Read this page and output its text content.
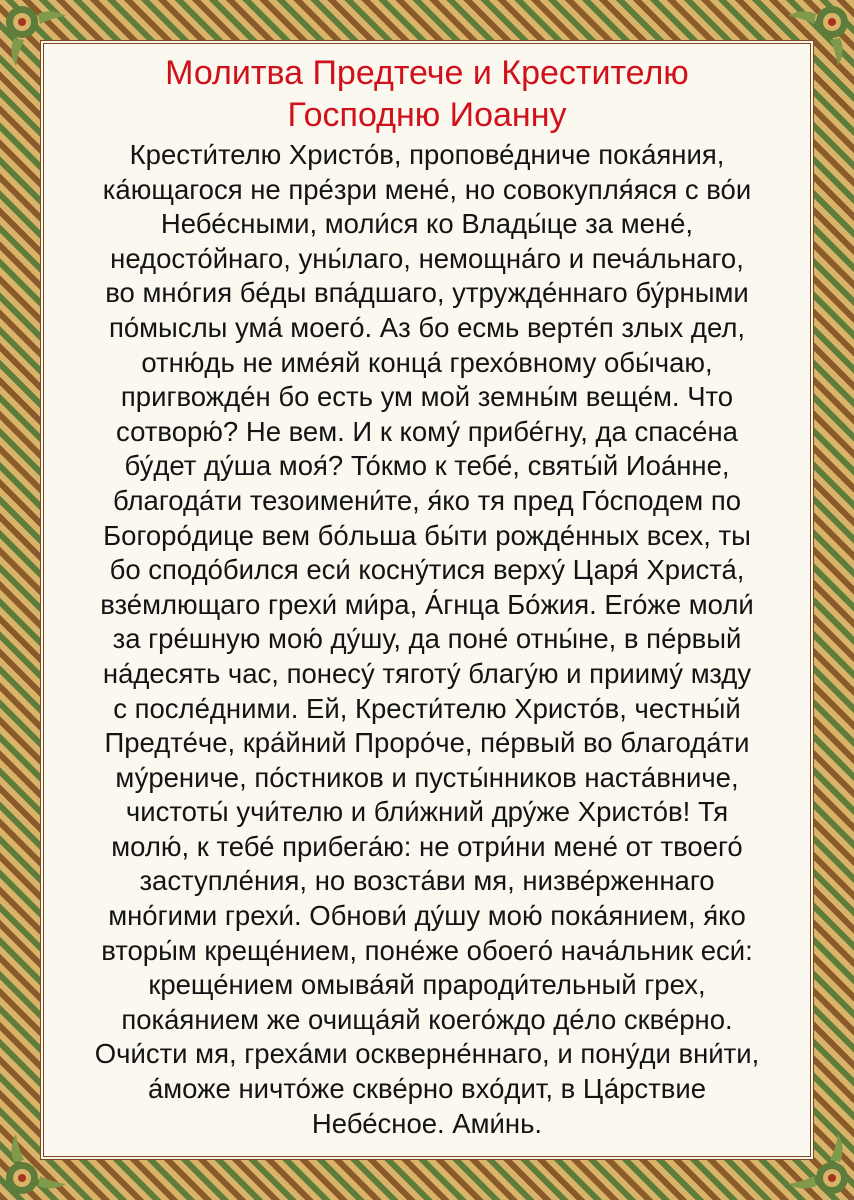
Молитва Предтече и Крестителю
Господню Иоанну

Крести́телю Христо́в, пропове́дниче пока́яния,
ка́ющагося не пре́зри мене́, но совокупля́яся с во́и
Небе́сными, моли́ся ко Влады́це за мене́,
недосто́йнаго, уны́лаго, немощна́го и печа́льнаго,
во мно́гия бе́ды впа́дшаго, утружде́ннаго бу́рными
по́мыслы ума́ моего́. Аз бо есмь верте́п злых дел,
отню́дь не име́яй конца́ грехо́вному обы́чаю,
пригвожде́н бо есть ум мой земны́м веще́м. Что
сотворю́? Не вем. И к кому́ прибе́гну, да спасе́на
бу́дет ду́ша моя́? То́кмо к тебе́, святы́й Иоа́нне,
благода́ти тезоимени́те, я́ко тя пред Го́сподем по
Богоро́дице вем бо́льша бы́ти рожде́нных всех, ты
бо сподо́бился еси́ косну́тися верху́ Царя́ Христа́,
взе́млющаго грехи́ ми́ра, А́гнца Бо́жия. Его́же моли́
за гре́шную мою́ ду́шу, да поне́ отны́не, в пе́рвый
на́десять час, понесу́ тяготу́ благу́ю и прииму́ мзду
с после́дними. Ей, Крести́телю Христо́в, честны́й
Предте́че, кра́йний Проро́че, пе́рвый во благода́ти
му́рениче, по́стников и пусты́нников наста́вниче,
чистоты́ учи́телю и бли́жний дру́же Христо́в! Тя
молю́, к тебе́ прибега́ю: не отри́ни мене́ от твоего́
заступле́ния, но возста́ви мя, низве́рженнаго
мно́гими грехи́. Обнови́ ду́шу мою́ пока́янием, я́ко
вторы́м креще́нием, поне́же обоего́ нача́льник еси́:
креще́нием омыва́яй прароди́тельный грех,
пока́янием же очища́яй коего́ждо де́ло скве́рно.
Очи́сти мя, грехáми оскверне́ннаго, и пону́ди вни́ти,
а́може ничто́же скве́рно вхо́дит, в Ца́рствие
Небе́сное. Ами́нь.
